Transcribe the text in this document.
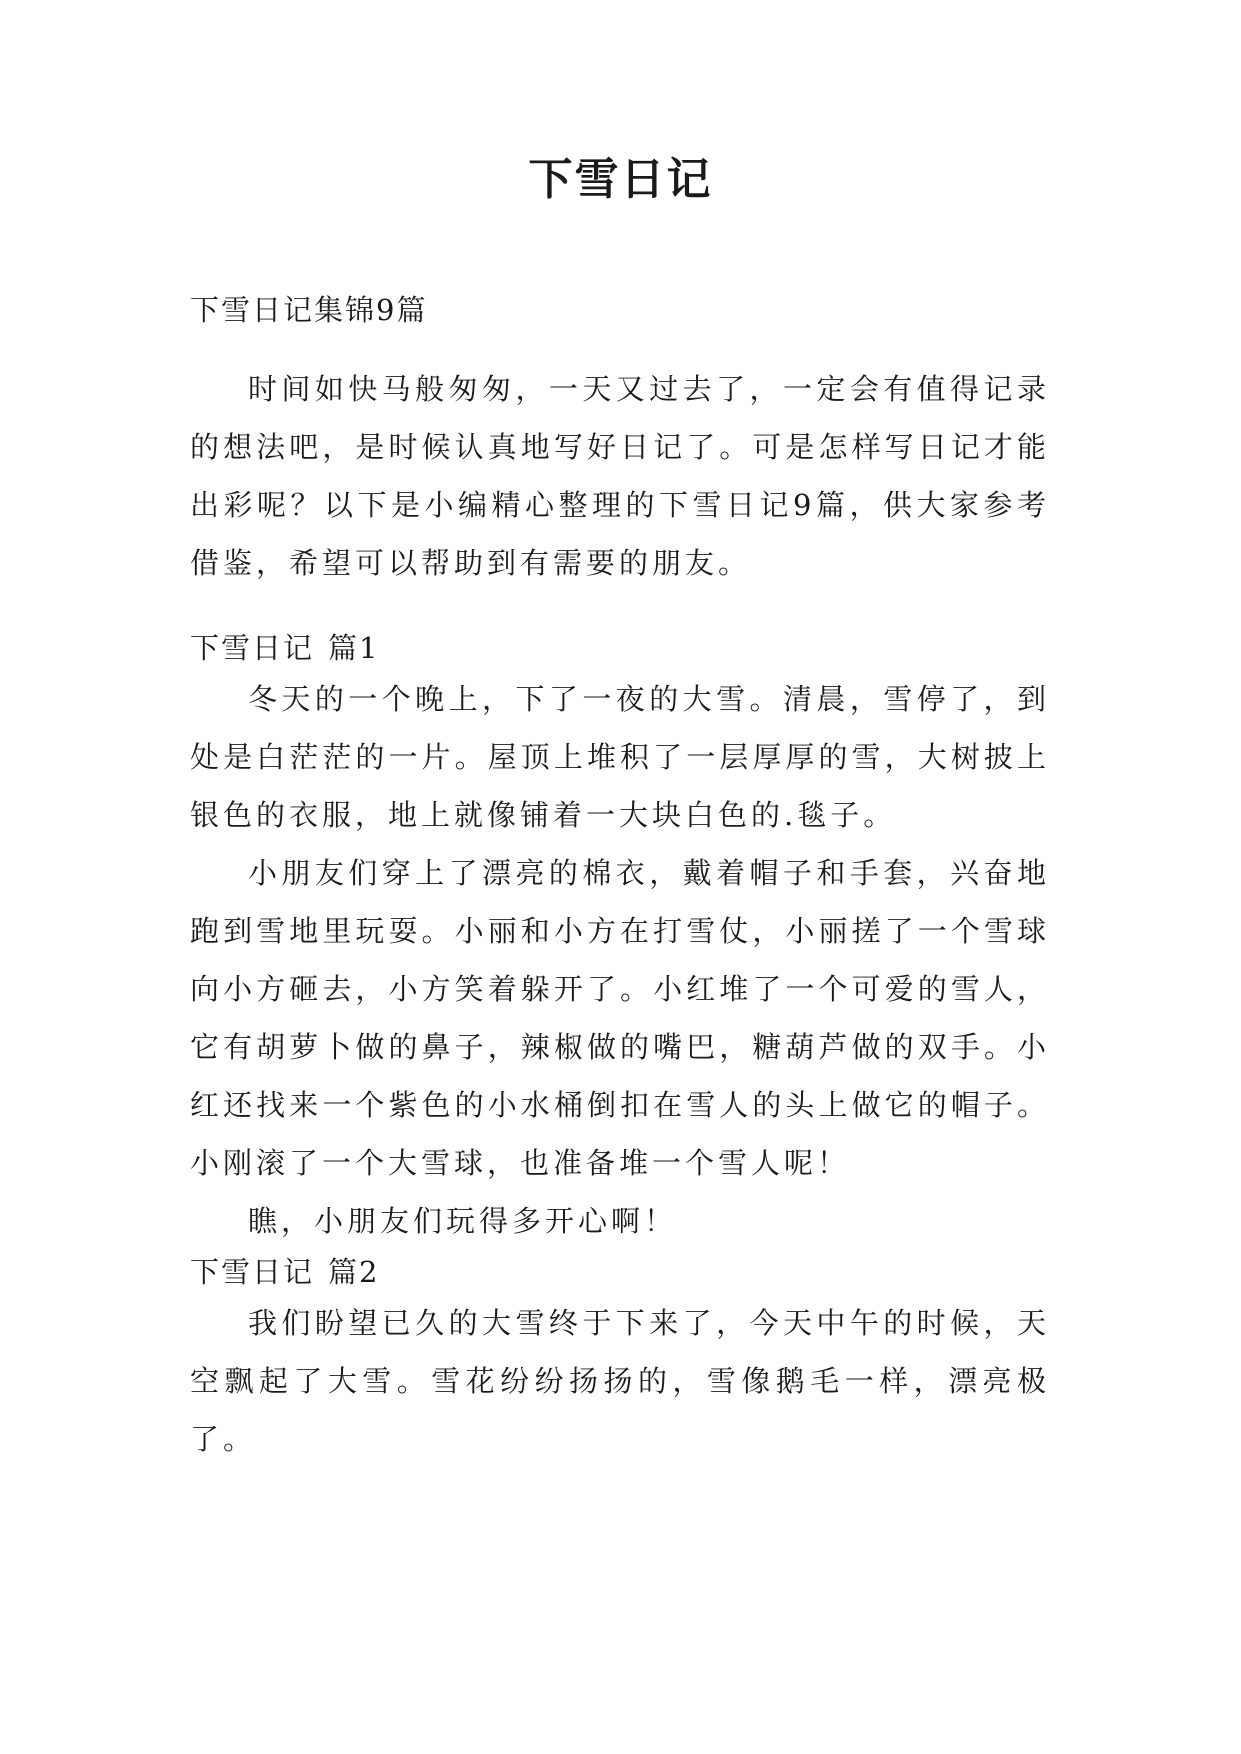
下雪日记
下雪日记集锦9篇

时间如快马般匆匆，一天又过去了，一定会有值得记录的想法吧，是时候认真地写好日记了。可是怎样写日记才能出彩呢？以下是小编精心整理的下雪日记9篇，供大家参考借鉴，希望可以帮助到有需要的朋友。

下雪日记 篇1

冬天的一个晚上，下了一夜的大雪。清晨，雪停了，到处是白茫茫的一片。屋顶上堆积了一层厚厚的雪，大树披上银色的衣服，地上就像铺着一大块白色的.毯子。

小朋友们穿上了漂亮的棉衣，戴着帽子和手套，兴奋地跑到雪地里玩耍。小丽和小方在打雪仗，小丽搓了一个雪球向小方砸去，小方笑着躲开了。小红堆了一个可爱的雪人，它有胡萝卜做的鼻子，辣椒做的嘴巴，糖葫芦做的双手。小红还找来一个紫色的小水桶倒扣在雪人的头上做它的帽子。小刚滚了一个大雪球，也准备堆一个雪人呢！

瞧，小朋友们玩得多开心啊！

下雪日记 篇2

我们盼望已久的大雪终于下来了，今天中午的时候，天空飘起了大雪。雪花纷纷扬扬的，雪像鹅毛一样，漂亮极了。
